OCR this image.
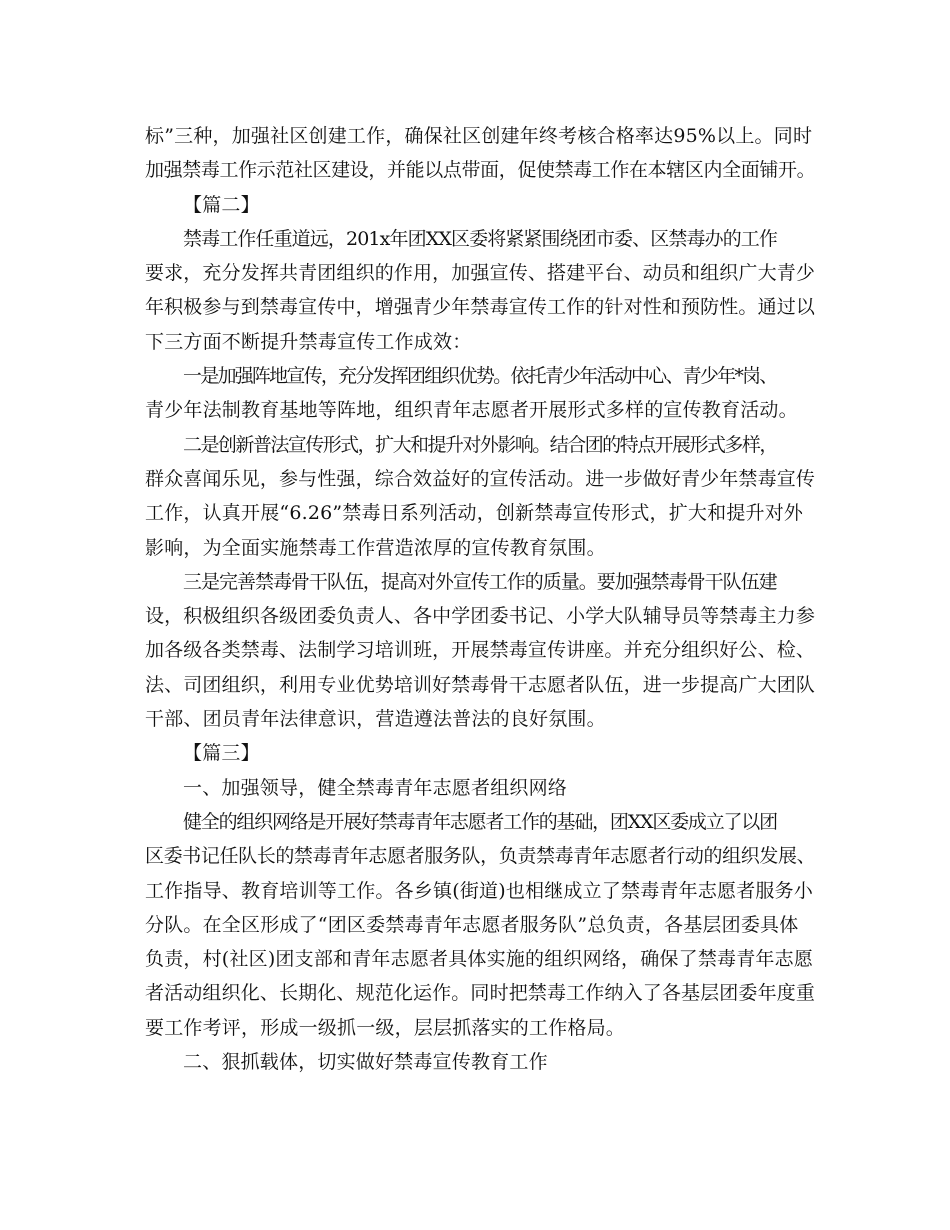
标”三种，加强社区创建工作，确保社区创建年终考核合格率达95%以上。同时
加强禁毒工作示范社区建设，并能以点带面，促使禁毒工作在本辖区内全面铺开。
【篇二】
禁毒工作任重道远，201x年团XX区委将紧紧围绕团市委、区禁毒办的工作
要求，充分发挥共青团组织的作用，加强宣传、搭建平台、动员和组织广大青少
年积极参与到禁毒宣传中，增强青少年禁毒宣传工作的针对性和预防性。通过以
下三方面不断提升禁毒宣传工作成效：
一是加强阵地宣传，充分发挥团组织优势。依托青少年活动中心、青少年*岗、
青少年法制教育基地等阵地，组织青年志愿者开展形式多样的宣传教育活动。
二是创新普法宣传形式，扩大和提升对外影响。结合团的特点开展形式多样，
群众喜闻乐见，参与性强，综合效益好的宣传活动。进一步做好青少年禁毒宣传
工作，认真开展“6.26”禁毒日系列活动，创新禁毒宣传形式，扩大和提升对外
影响，为全面实施禁毒工作营造浓厚的宣传教育氛围。
三是完善禁毒骨干队伍，提高对外宣传工作的质量。要加强禁毒骨干队伍建
设，积极组织各级团委负责人、各中学团委书记、小学大队辅导员等禁毒主力参
加各级各类禁毒、法制学习培训班，开展禁毒宣传讲座。并充分组织好公、检、
法、司团组织，利用专业优势培训好禁毒骨干志愿者队伍，进一步提高广大团队
干部、团员青年法律意识，营造遵法普法的良好氛围。
【篇三】
一、加强领导，健全禁毒青年志愿者组织网络
健全的组织网络是开展好禁毒青年志愿者工作的基础，团XX区委成立了以团
区委书记任队长的禁毒青年志愿者服务队，负责禁毒青年志愿者行动的组织发展、
工作指导、教育培训等工作。各乡镇(街道)也相继成立了禁毒青年志愿者服务小
分队。在全区形成了“团区委禁毒青年志愿者服务队”总负责，各基层团委具体
负责，村(社区)团支部和青年志愿者具体实施的组织网络，确保了禁毒青年志愿
者活动组织化、长期化、规范化运作。同时把禁毒工作纳入了各基层团委年度重
要工作考评，形成一级抓一级，层层抓落实的工作格局。
二、狠抓载体，切实做好禁毒宣传教育工作
